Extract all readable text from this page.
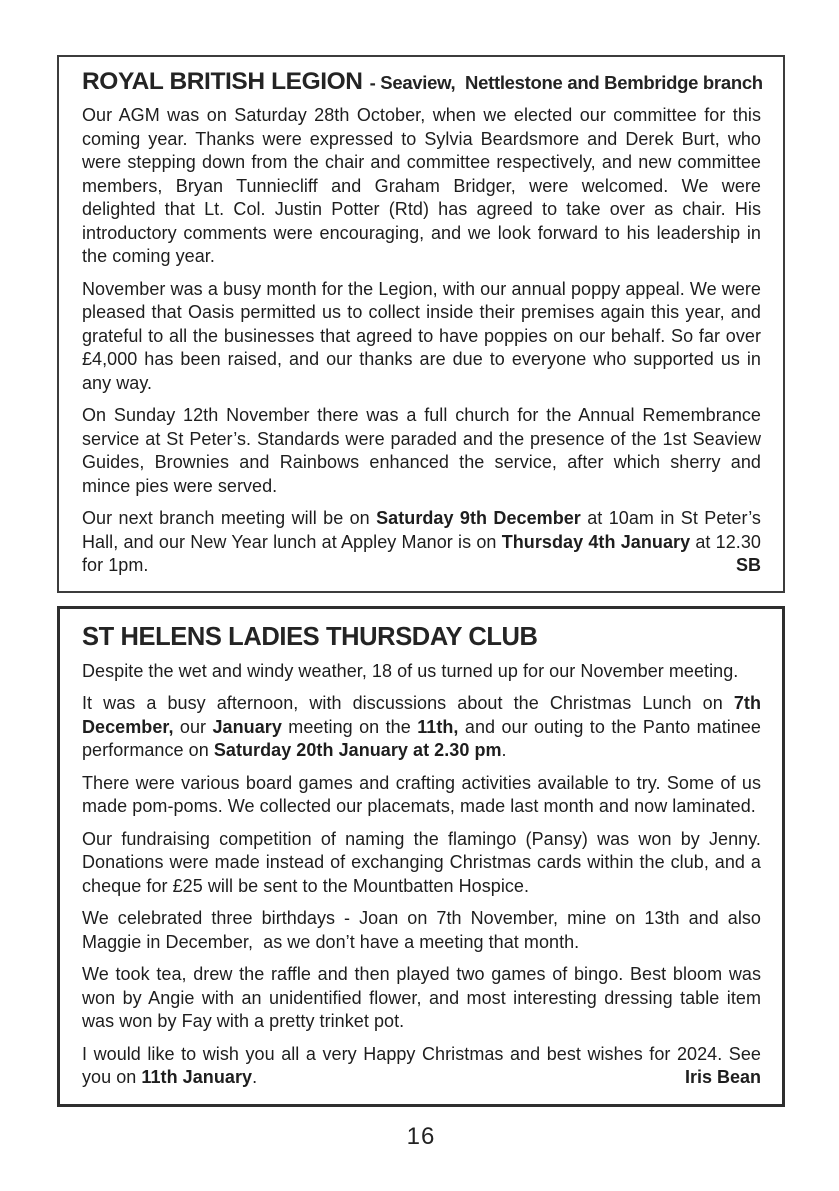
ROYAL BRITISH LEGION - Seaview,  Nettlestone and Bembridge branch

Our AGM was on Saturday 28th October, when we elected our committee for this coming year. Thanks were expressed to Sylvia Beardsmore and Derek Burt, who were stepping down from the chair and committee respectively, and new committee members, Bryan Tunniecliff and Graham Bridger, were welcomed. We were delighted that Lt. Col. Justin Potter (Rtd) has agreed to take over as chair. His introductory comments were encouraging, and we look forward to his leadership in the coming year.

November was a busy month for the Legion, with our annual poppy appeal. We were pleased that Oasis permitted us to collect inside their premises again this year, and grateful to all the businesses that agreed to have poppies on our behalf. So far over £4,000 has been raised, and our thanks are due to everyone who supported us in any way.

On Sunday 12th November there was a full church for the Annual Remembrance service at St Peter’s. Standards were paraded and the presence of the 1st Seaview Guides, Brownies and Rainbows enhanced the service, after which sherry and mince pies were served.

Our next branch meeting will be on Saturday 9th December at 10am in St Peter’s Hall, and our New Year lunch at Appley Manor is on Thursday 4th January at 12.30 for 1pm.	SB

ST HELENS LADIES THURSDAY CLUB

Despite the wet and windy weather, 18 of us turned up for our November meeting.

It was a busy afternoon, with discussions about the Christmas Lunch on 7th December, our January meeting on the 11th, and our outing to the Panto matinee performance on Saturday 20th January at 2.30 pm.

There were various board games and crafting activities available to try. Some of us made pom-poms. We collected our placemats, made last month and now laminated.

Our fundraising competition of naming the flamingo (Pansy) was won by Jenny. Donations were made instead of exchanging Christmas cards within the club, and a cheque for £25 will be sent to the Mountbatten Hospice.

We celebrated three birthdays - Joan on 7th November, mine on 13th and also Maggie in December,  as we don’t have a meeting that month.

We took tea, drew the raffle and then played two games of bingo. Best bloom was won by Angie with an unidentified flower, and most interesting dressing table item was won by Fay with a pretty trinket pot.

I would like to wish you all a very Happy Christmas and best wishes for 2024. See you on 11th January.	Iris Bean

16
